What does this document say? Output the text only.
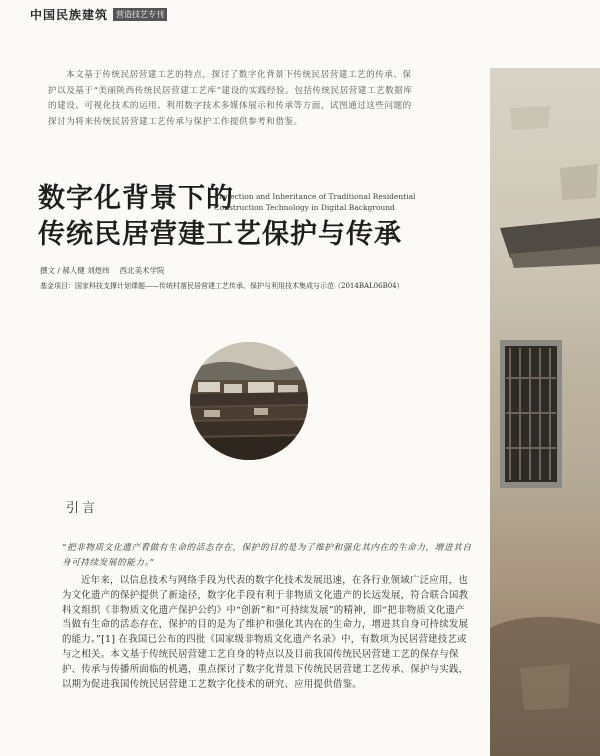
中国民族建筑	营造技艺专刊
本文基于传统民居营建工艺的特点，探讨了数字化背景下传统民居营建工艺的传承、保护以及基于“美丽陕西传统民居营建工艺库”建设的实践经验。包括传统民居营建工艺数据库的建设、可视化技术的运用、利用数字技术多媒体展示和传承等方面，试图通过这些问题的探讨为将来传统民居营建工艺传承与保护工作提供参考和借鉴。
数字化背景下的
传统民居营建工艺保护与传承
Protection and Inheritance of Traditional Residential
Construction Technology in Digital Background
撰文 / 郝人健 刘煜纬 　西北美术学院
基金项目：国家科技支撑计划课题——传统村落民居营建工艺传承、保护与利用技术集成与示范（2014BAL06B04）
引言
“把非物质文化遗产看做有生命的活态存在，保护的目的是为了维护和强化其内在的生命力，增进其自身可持续发展的能力。”
近年来，以信息技术与网络手段为代表的数字化技术发展迅速，在各行业领域广泛应用，也为文化遗产的保护提供了新途径，数字化手段有利于非物质文化遗产的长远发展，符合联合国教科文组织《非物质文化遗产保护公约》中“创新”和“可持续发展”的精神，即“把非物质文化遗产当做有生命的活态存在，保护的目的是为了维护和强化其内在的生命力，增进其自身可持续发展的能力。”[1] 在我国已公布的四批《国家级非物质文化遗产名录》中，有数项为民居营建技艺或与之相关。本文基于传统民居营建工艺自身的特点以及目前我国传统民居营建工艺的保存与保护、传承与传播所面临的机遇，重点探讨了数字化背景下传统民居营建工艺传承、保护与实践，以期为促进我国传统民居营建工艺数字化技术的研究、应用提供借鉴。
